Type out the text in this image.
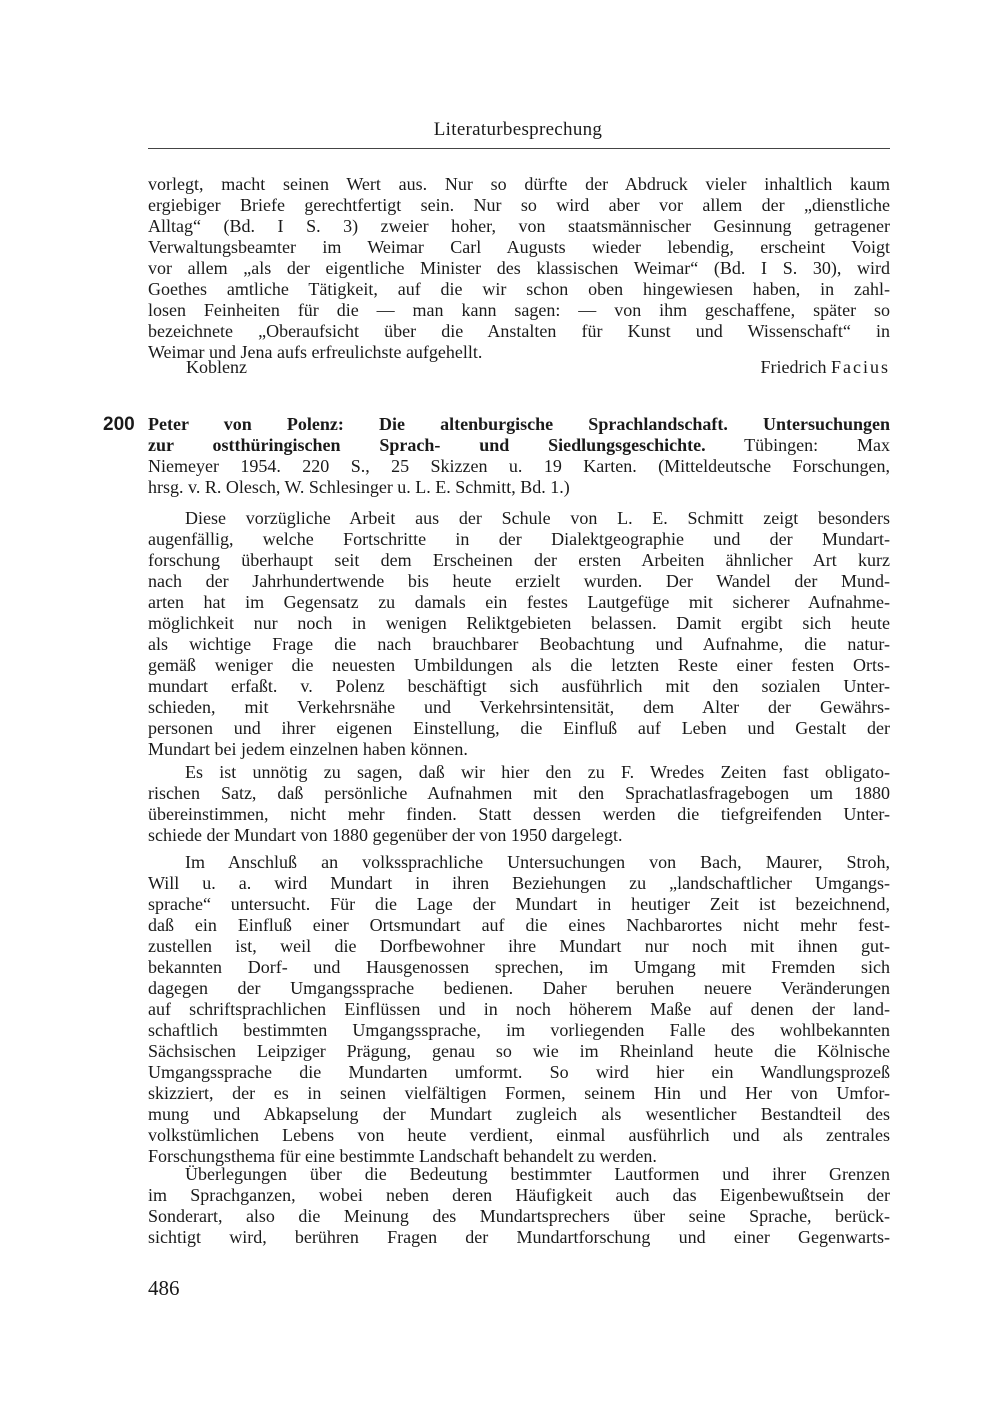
Literaturbesprechung

vorlegt, macht seinen Wert aus. Nur so dürfte der Abdruck vieler inhaltlich kaum
ergiebiger Briefe gerechtfertigt sein. Nur so wird aber vor allem der „dienstliche
Alltag“ (Bd. I S. 3) zweier hoher, von staatsmännischer Gesinnung getragener
Verwaltungsbeamter im Weimar Carl Augusts wieder lebendig, erscheint Voigt
vor allem „als der eigentliche Minister des klassischen Weimar“ (Bd. I S. 30), wird
Goethes amtliche Tätigkeit, auf die wir schon oben hingewiesen haben, in zahl-
losen Feinheiten für die — man kann sagen: — von ihm geschaffene, später so
bezeichnete „Oberaufsicht über die Anstalten für Kunst und Wissenschaft“ in
Weimar und Jena aufs erfreulichste aufgehellt.
Koblenz	Friedrich Facius

200 Peter von Polenz: Die altenburgische Sprachlandschaft. Untersuchungen
zur ostthüringischen Sprach- und Siedlungsgeschichte. Tübingen: Max
Niemeyer 1954. 220 S., 25 Skizzen u. 19 Karten. (Mitteldeutsche Forschungen,
hrsg. v. R. Olesch, W. Schlesinger u. L. E. Schmitt, Bd. 1.)
Diese vorzügliche Arbeit aus der Schule von L. E. Schmitt zeigt besonders
augenfällig, welche Fortschritte in der Dialektgeographie und der Mundart-
forschung überhaupt seit dem Erscheinen der ersten Arbeiten ähnlicher Art kurz
nach der Jahrhundertwende bis heute erzielt wurden. Der Wandel der Mund-
arten hat im Gegensatz zu damals ein festes Lautgefüge mit sicherer Aufnahme-
möglichkeit nur noch in wenigen Reliktgebieten belassen. Damit ergibt sich heute
als wichtige Frage die nach brauchbarer Beobachtung und Aufnahme, die natur-
gemäß weniger die neuesten Umbildungen als die letzten Reste einer festen Orts-
mundart erfaßt. v. Polenz beschäftigt sich ausführlich mit den sozialen Unter-
schieden, mit Verkehrsnähe und Verkehrsintensität, dem Alter der Gewährs-
personen und ihrer eigenen Einstellung, die Einfluß auf Leben und Gestalt der
Mundart bei jedem einzelnen haben können.
Es ist unnötig zu sagen, daß wir hier den zu F. Wredes Zeiten fast obligato-
rischen Satz, daß persönliche Aufnahmen mit den Sprachatlasfragebogen um 1880
übereinstimmen, nicht mehr finden. Statt dessen werden die tiefgreifenden Unter-
schiede der Mundart von 1880 gegenüber der von 1950 dargelegt.
Im Anschluß an volkssprachliche Untersuchungen von Bach, Maurer, Stroh,
Will u. a. wird Mundart in ihren Beziehungen zu „landschaftlicher Umgangs-
sprache“ untersucht. Für die Lage der Mundart in heutiger Zeit ist bezeichnend,
daß ein Einfluß einer Ortsmundart auf die eines Nachbarortes nicht mehr fest-
zustellen ist, weil die Dorfbewohner ihre Mundart nur noch mit ihnen gut-
bekannten Dorf- und Hausgenossen sprechen, im Umgang mit Fremden sich
dagegen der Umgangssprache bedienen. Daher beruhen neuere Veränderungen
auf schriftsprachlichen Einflüssen und in noch höherem Maße auf denen der land-
schaftlich bestimmten Umgangssprache, im vorliegenden Falle des wohlbekannten
Sächsischen Leipziger Prägung, genau so wie im Rheinland heute die Kölnische
Umgangssprache die Mundarten umformt. So wird hier ein Wandlungsprozeß
skizziert, der es in seinen vielfältigen Formen, seinem Hin und Her von Umfor-
mung und Abkapselung der Mundart zugleich als wesentlicher Bestandteil des
volkstümlichen Lebens von heute verdient, einmal ausführlich und als zentrales
Forschungsthema für eine bestimmte Landschaft behandelt zu werden.
Überlegungen über die Bedeutung bestimmter Lautformen und ihrer Grenzen
im Sprachganzen, wobei neben deren Häufigkeit auch das Eigenbewußtsein der
Sonderart, also die Meinung des Mundartsprechers über seine Sprache, berück-
sichtigt wird, berühren Fragen der Mundartforschung und einer Gegenwarts-

486
